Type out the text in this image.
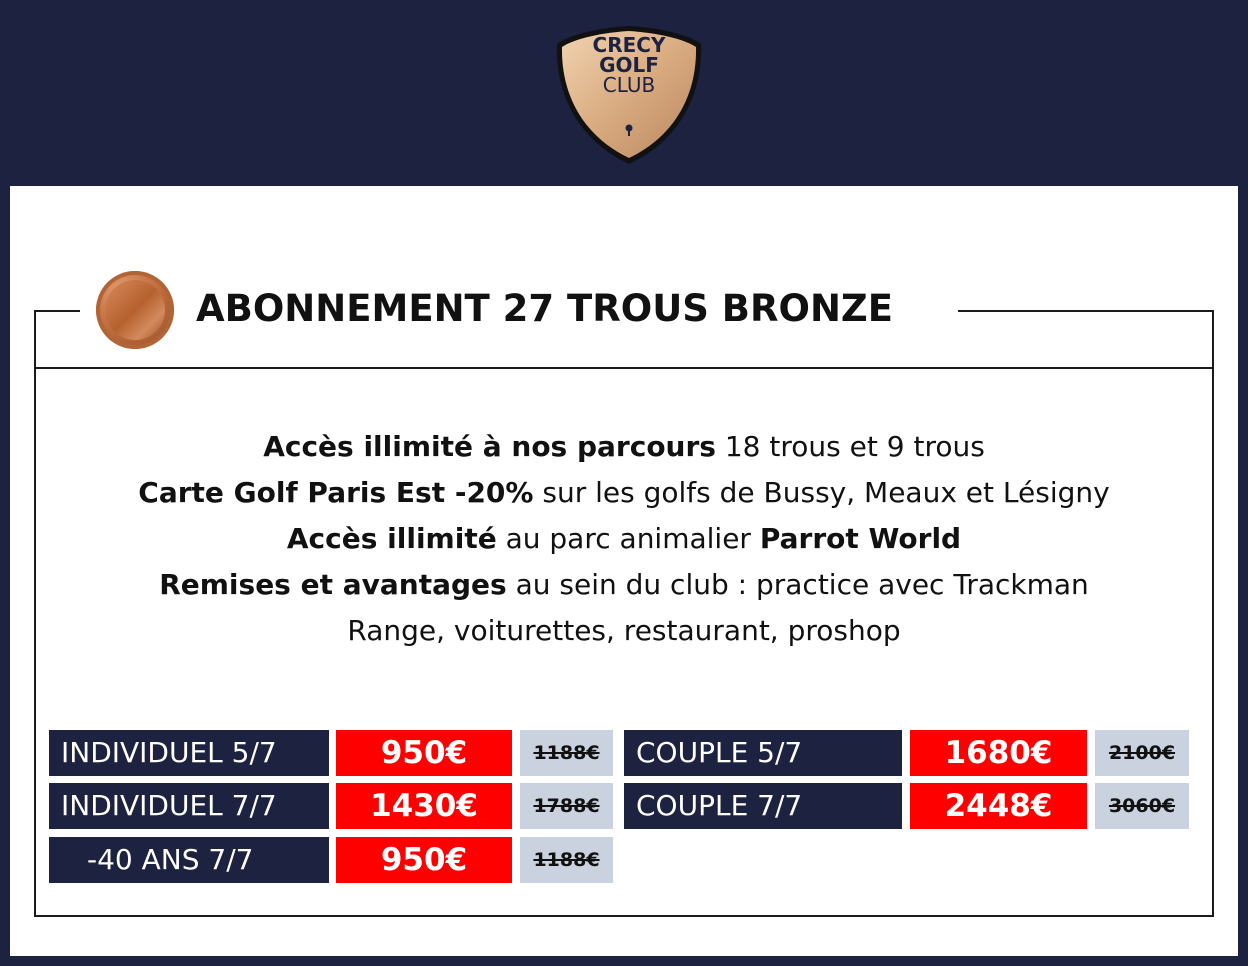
CRECY
GOLF
CLUB
ABONNEMENT 27 TROUS BRONZE
Accès illimité à nos parcours 18 trous et 9 trous
Carte Golf Paris Est -20% sur les golfs de Bussy, Meaux et Lésigny
Accès illimité au parc animalier Parrot World
Remises et avantages au sein du club : practice avec Trackman
Range, voiturettes, restaurant, proshop
INDIVIDUEL 5/7	950€	1188€
INDIVIDUEL 7/7	1430€	1788€
-40 ANS 7/7	950€	1188€
COUPLE 5/7	1680€	2100€
COUPLE 7/7	2448€	3060€
